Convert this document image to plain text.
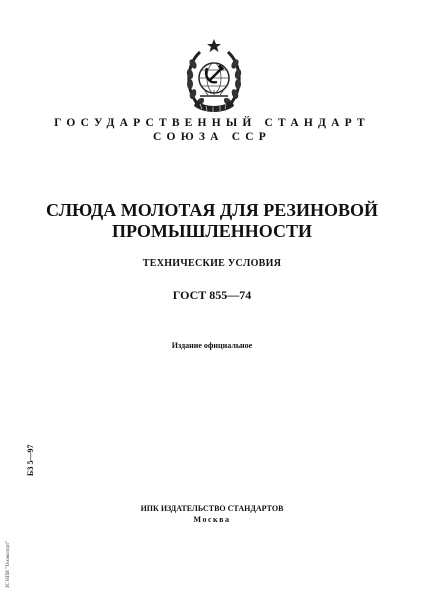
ГОСУДАРСТВЕННЫЙ СТАНДАРТ
СОЮЗА ССР
СЛЮДА МОЛОТАЯ ДЛЯ РЕЗИНОВОЙ
ПРОМЫШЛЕННОСТИ
ТЕХНИЧЕСКИЕ УСЛОВИЯ
ГОСТ 855—74
Издание официальное
БЗ 5—97
ЗС НПИ "Техэкспорт"
ИПК ИЗДАТЕЛЬСТВО СТАНДАРТОВ
Москва
